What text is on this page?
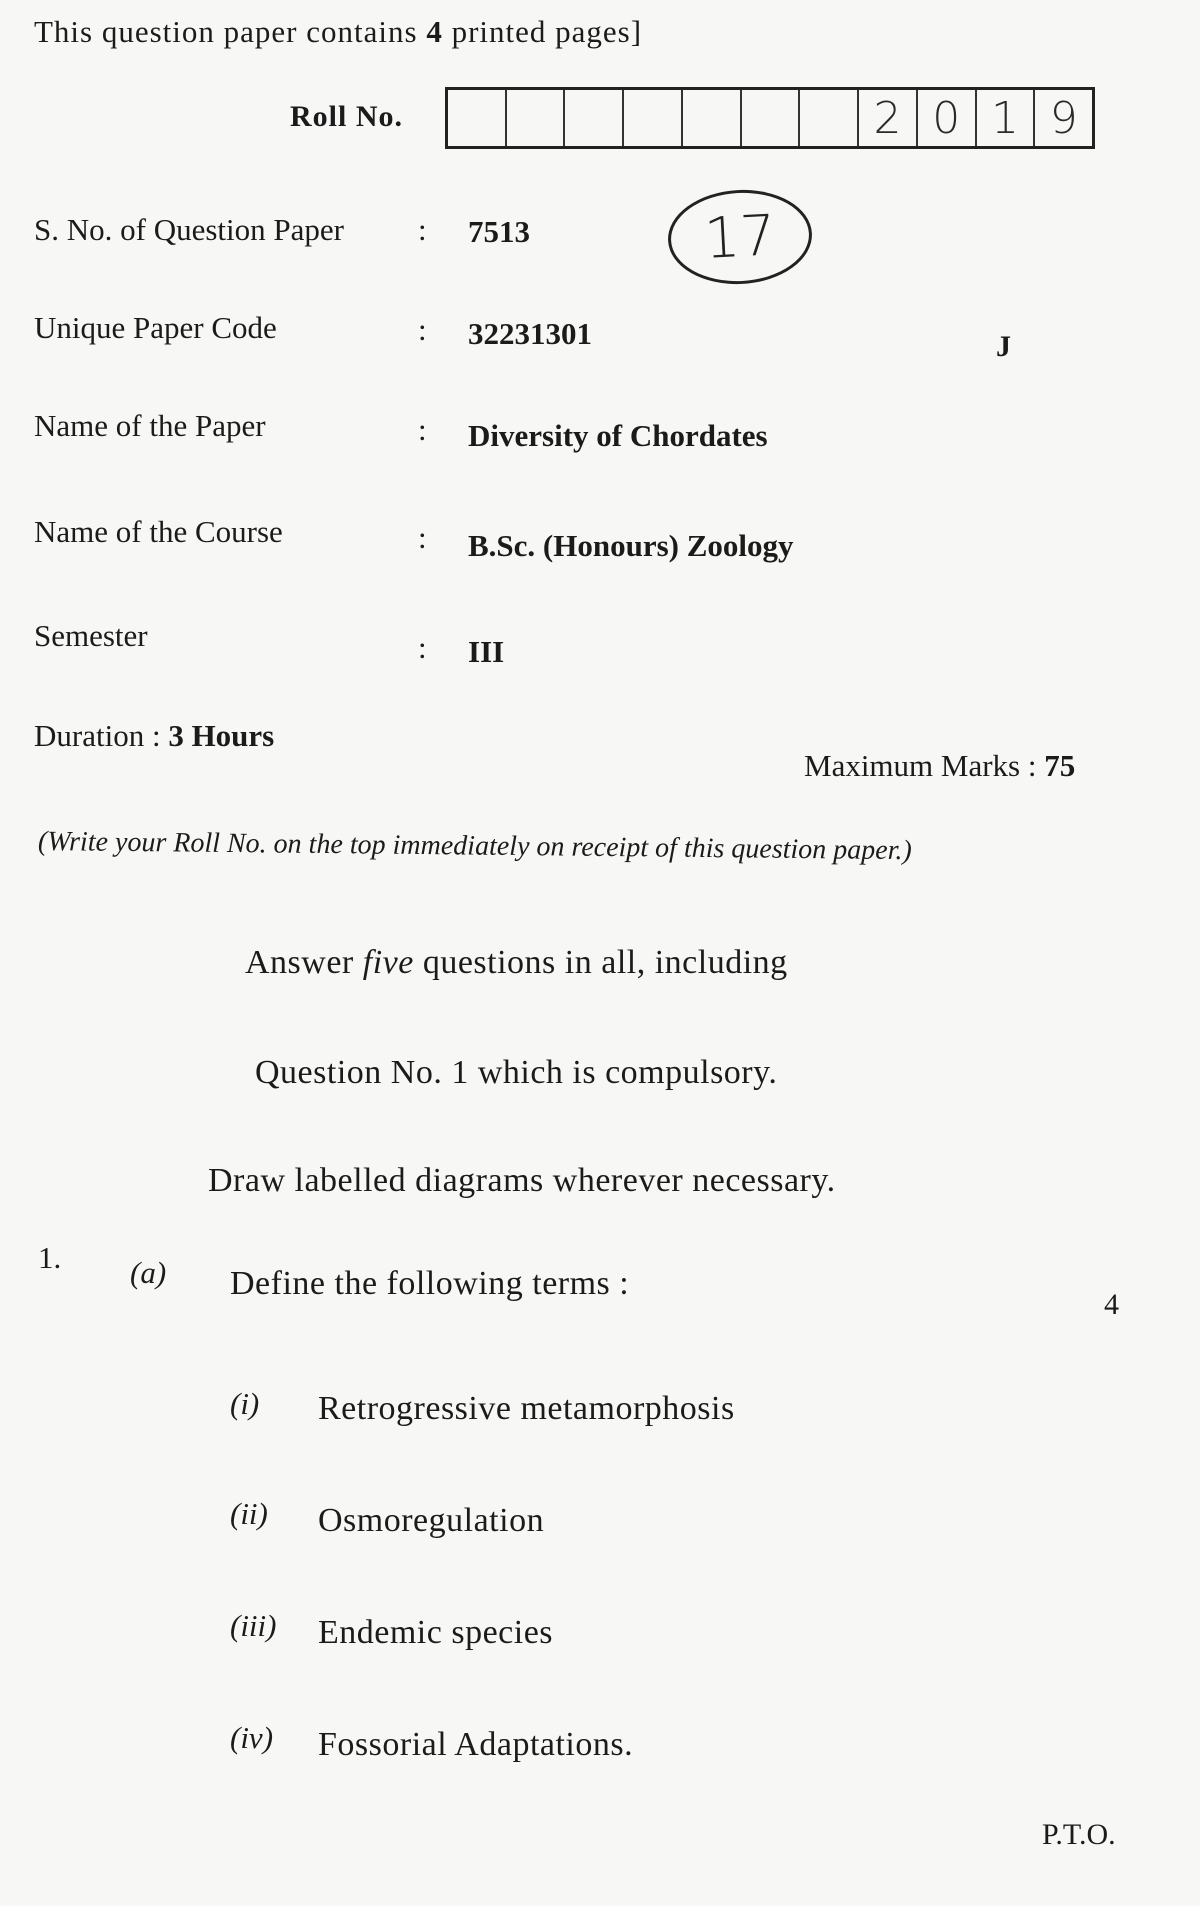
This question paper contains 4 printed pages]
Roll No.	2 0 1 9
17
S. No. of Question Paper : 7513
Unique Paper Code	: 32231301	J
Name of the Paper	: Diversity of Chordates
Name of the Course	: B.Sc. (Honours) Zoology
Semester	: III
Duration : 3 Hours
Maximum Marks : 75
(Write your Roll No. on the top immediately on receipt of this question paper.)
Answer five questions in all, including
Question No. 1 which is compulsory.
Draw labelled diagrams wherever necessary.
1. (a) Define the following terms :
4
(i) Retrogressive metamorphosis
(ii) Osmoregulation
(iii) Endemic species
(iv) Fossorial Adaptations.
P.T.O.
